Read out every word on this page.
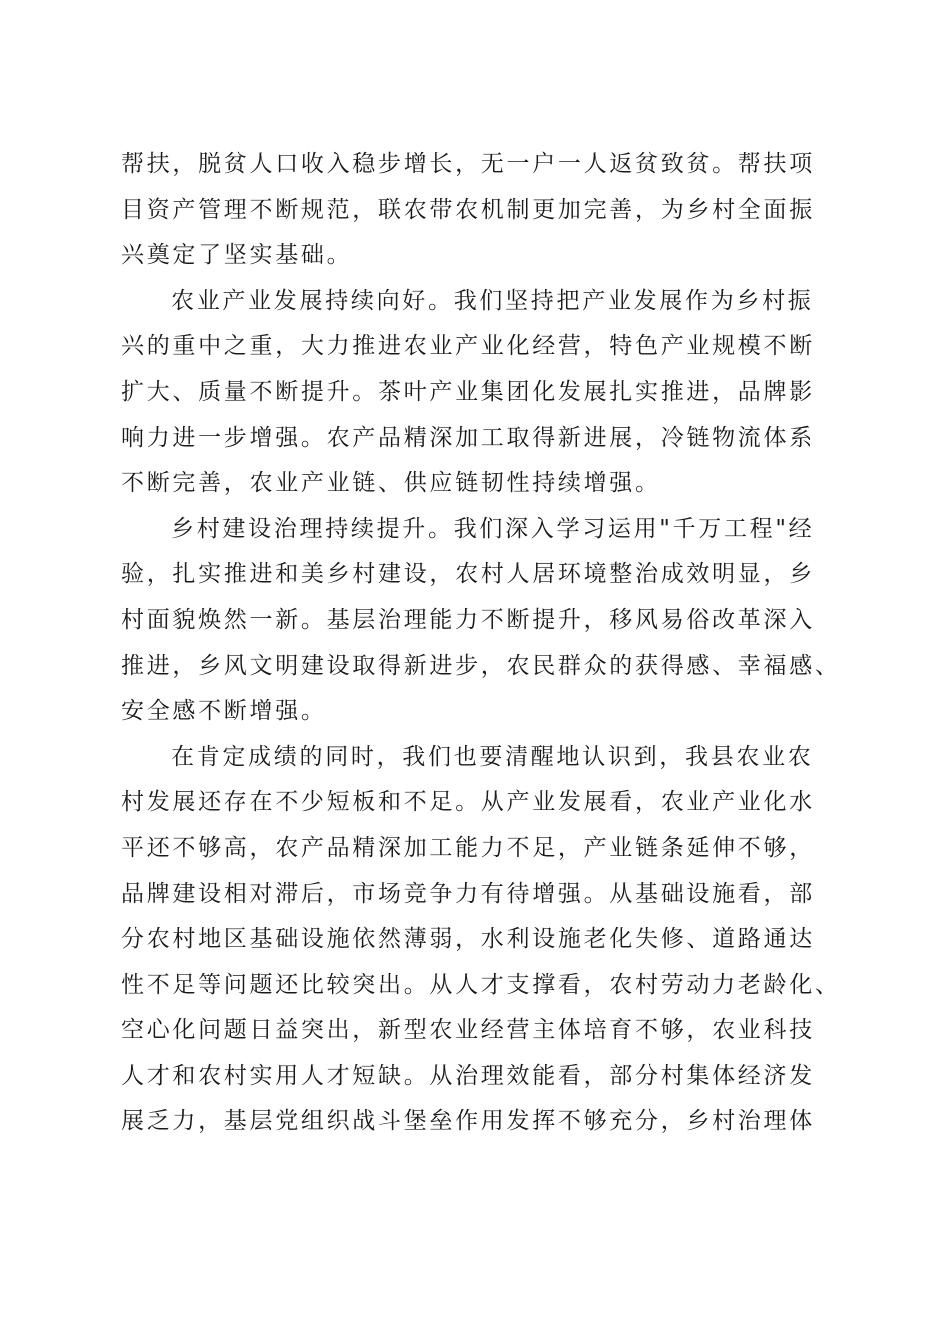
帮扶，脱贫人口收入稳步增长，无一户一人返贫致贫。帮扶项
目资产管理不断规范，联农带农机制更加完善，为乡村全面振
兴奠定了坚实基础。
农业产业发展持续向好。我们坚持把产业发展作为乡村振
兴的重中之重，大力推进农业产业化经营，特色产业规模不断
扩大、质量不断提升。茶叶产业集团化发展扎实推进，品牌影
响力进一步增强。农产品精深加工取得新进展，冷链物流体系
不断完善，农业产业链、供应链韧性持续增强。
乡村建设治理持续提升。我们深入学习运用"千万工程"经
验，扎实推进和美乡村建设，农村人居环境整治成效明显，乡
村面貌焕然一新。基层治理能力不断提升，移风易俗改革深入
推进，乡风文明建设取得新进步，农民群众的获得感、幸福感、
安全感不断增强。
在肯定成绩的同时，我们也要清醒地认识到，我县农业农
村发展还存在不少短板和不足。从产业发展看，农业产业化水
平还不够高，农产品精深加工能力不足，产业链条延伸不够，
品牌建设相对滞后，市场竞争力有待增强。从基础设施看，部
分农村地区基础设施依然薄弱，水利设施老化失修、道路通达
性不足等问题还比较突出。从人才支撑看，农村劳动力老龄化、
空心化问题日益突出，新型农业经营主体培育不够，农业科技
人才和农村实用人才短缺。从治理效能看，部分村集体经济发
展乏力，基层党组织战斗堡垒作用发挥不够充分，乡村治理体
